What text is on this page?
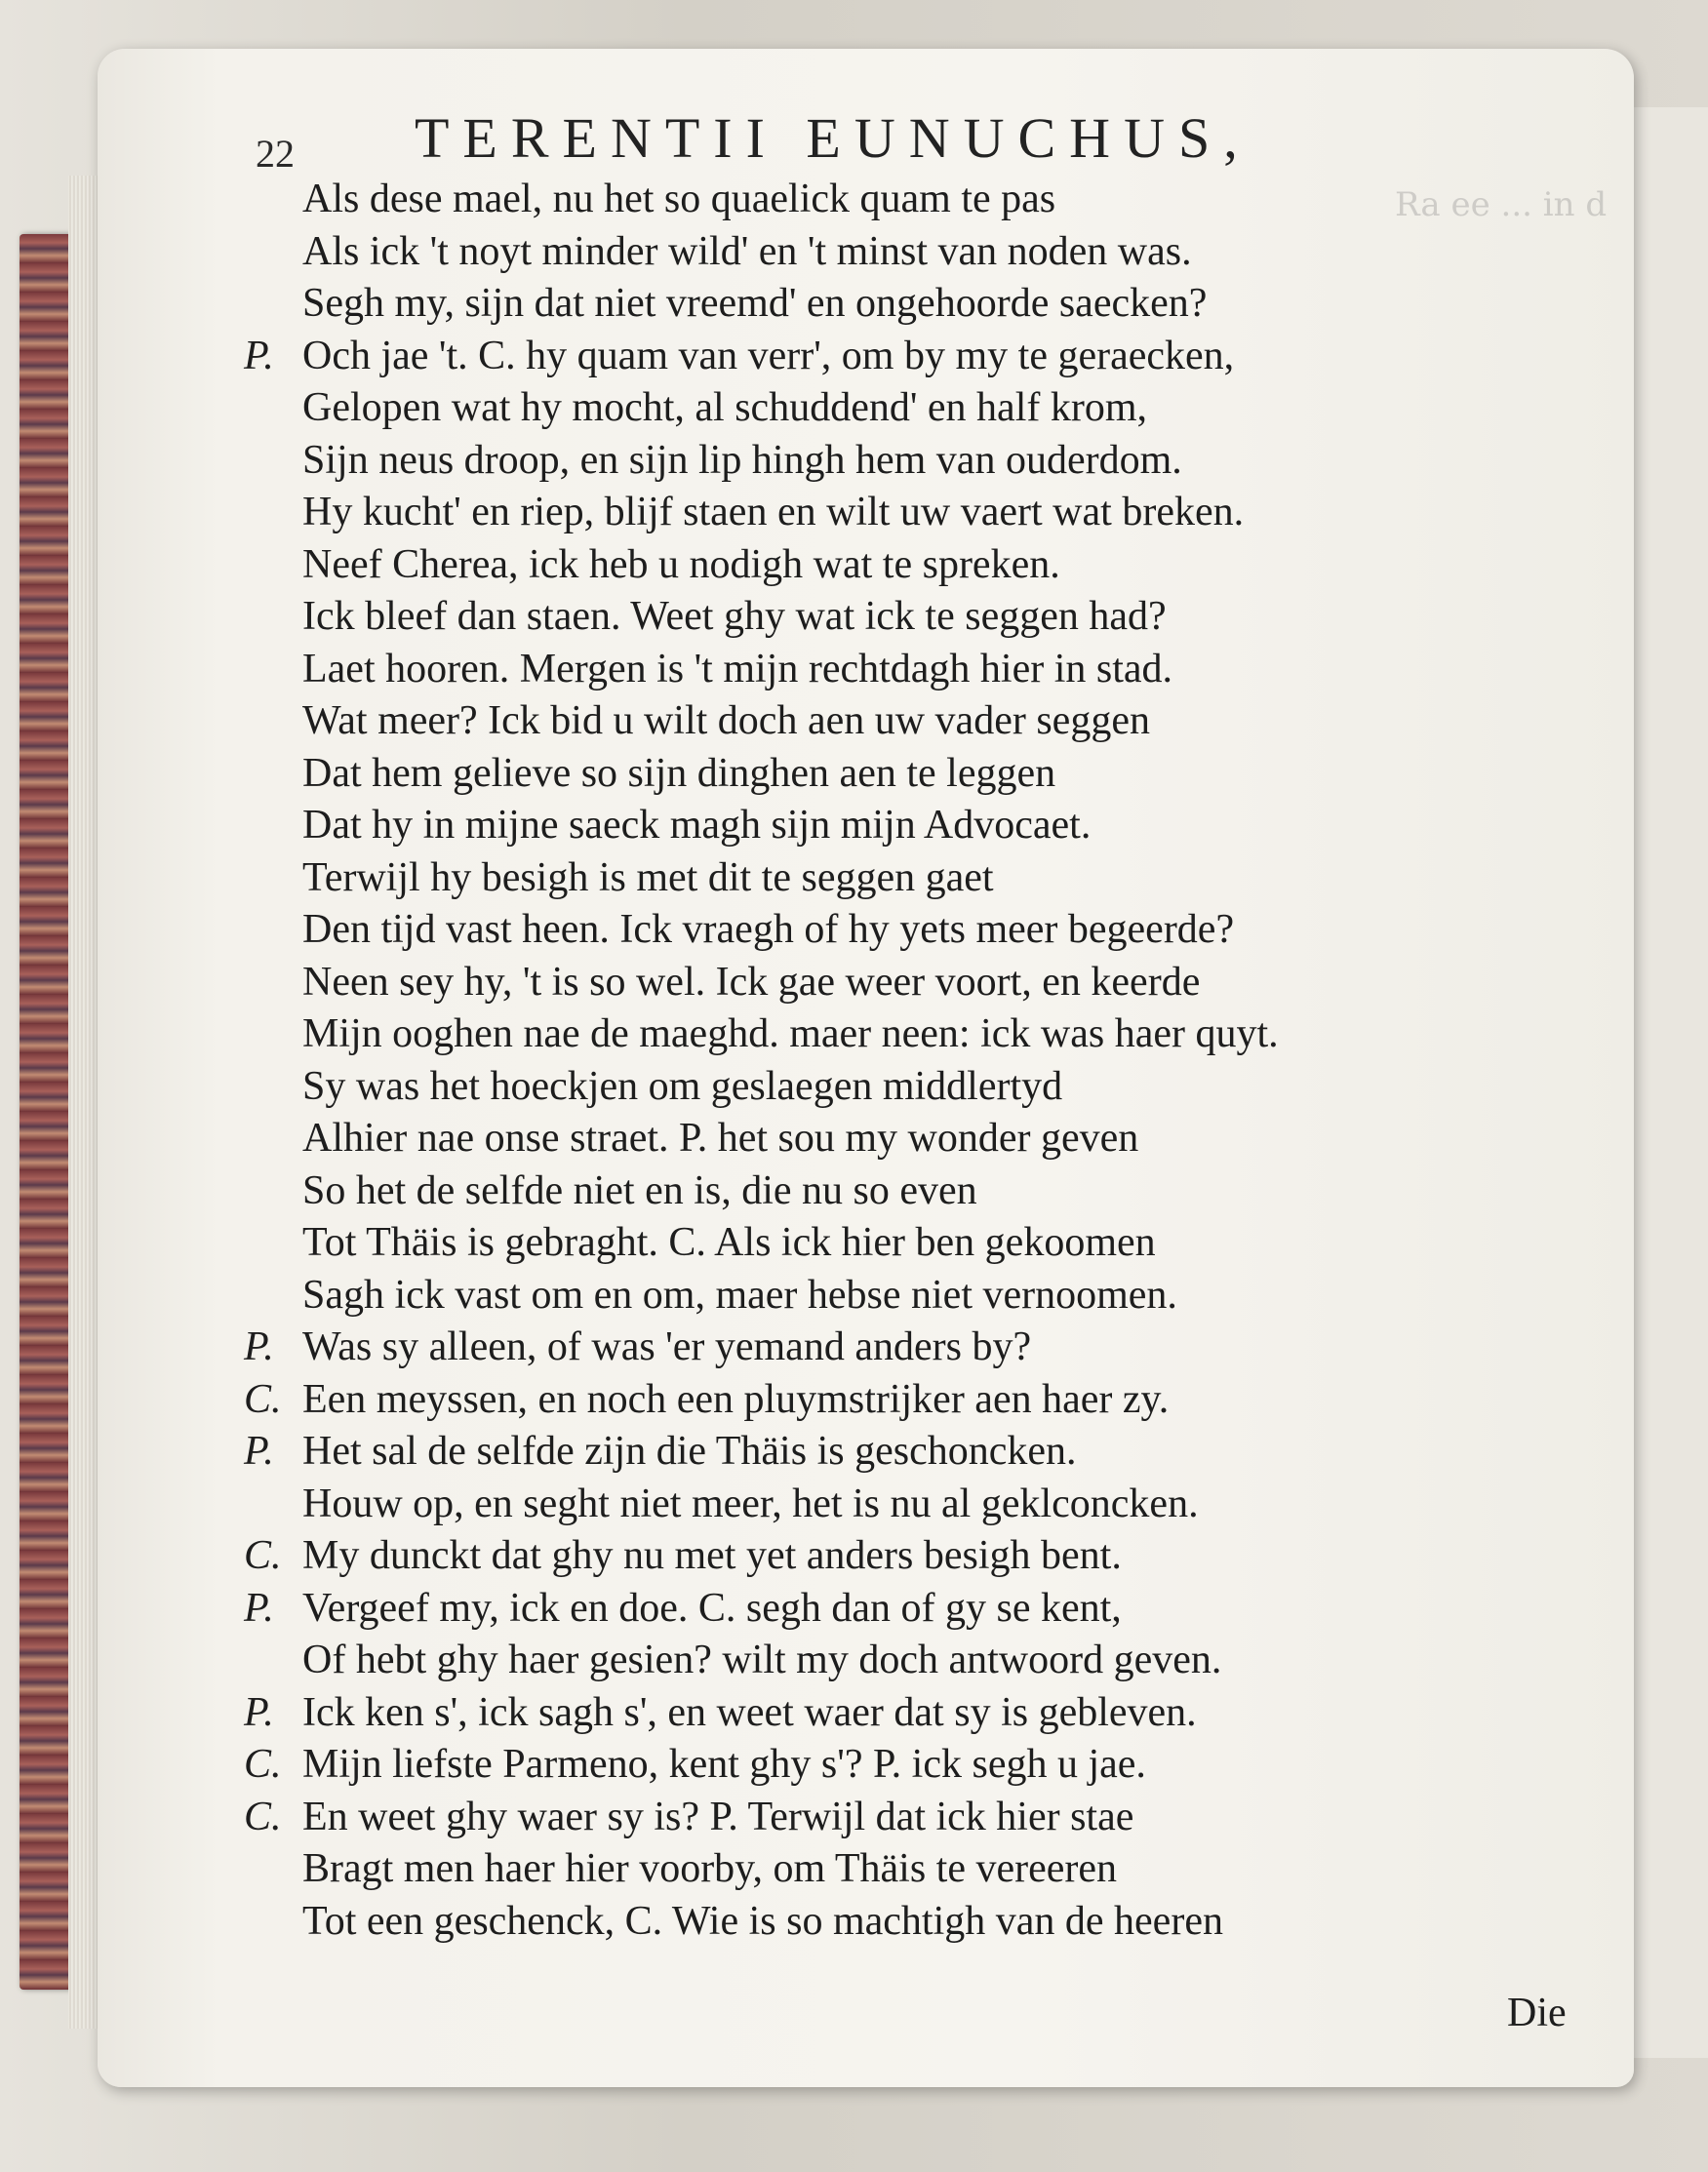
Ra ee ... in d
22 TERENTII EUNUCHUS,
Als dese mael, nu het so quaelick quam te pas
Als ick 't noyt minder wild' en 't minst van noden was.
Segh my, sijn dat niet vreemd' en ongehoorde saecken?
P. Och jae 't. C. hy quam van verr', om by my te geraecken,
Gelopen wat hy mocht, al schuddend' en half krom,
Sijn neus droop, en sijn lip hingh hem van ouderdom.
Hy kucht' en riep, blijf staen en wilt uw vaert wat breken.
Neef Cherea, ick heb u nodigh wat te spreken.
Ick bleef dan staen. Weet ghy wat ick te seggen had?
Laet hooren. Mergen is 't mijn rechtdagh hier in stad.
Wat meer? Ick bid u wilt doch aen uw vader seggen
Dat hem gelieve so sijn dinghen aen te leggen
Dat hy in mijne saeck magh sijn mijn Advocaet.
Terwijl hy besigh is met dit te seggen gaet
Den tijd vast heen. Ick vraegh of hy yets meer begeerde?
Neen sey hy, 't is so wel. Ick gae weer voort, en keerde
Mijn ooghen nae de maeghd. maer neen: ick was haer quyt.
Sy was het hoeckjen om geslaegen middlertyd
Alhier nae onse straet. P. het sou my wonder geven
So het de selfde niet en is, die nu so even
Tot Thäis is gebraght. C. Als ick hier ben gekoomen
Sagh ick vast om en om, maer hebse niet vernoomen.
P. Was sy alleen, of was 'er yemand anders by?
C. Een meyssen, en noch een pluymstrijker aen haer zy.
P. Het sal de selfde zijn die Thäis is geschoncken.
Houw op, en seght niet meer, het is nu al geklconcken.
C. My dunckt dat ghy nu met yet anders besigh bent.
P. Vergeef my, ick en doe. C. segh dan of gy se kent,
Of hebt ghy haer gesien? wilt my doch antwoord geven.
P. Ick ken s', ick sagh s', en weet waer dat sy is gebleven.
C. Mijn liefste Parmeno, kent ghy s'? P. ick segh u jae.
C. En weet ghy waer sy is? P. Terwijl dat ick hier stae
Bragt men haer hier voorby, om Thäis te vereeren
Tot een geschenck, C. Wie is so machtigh van de heeren
Die
